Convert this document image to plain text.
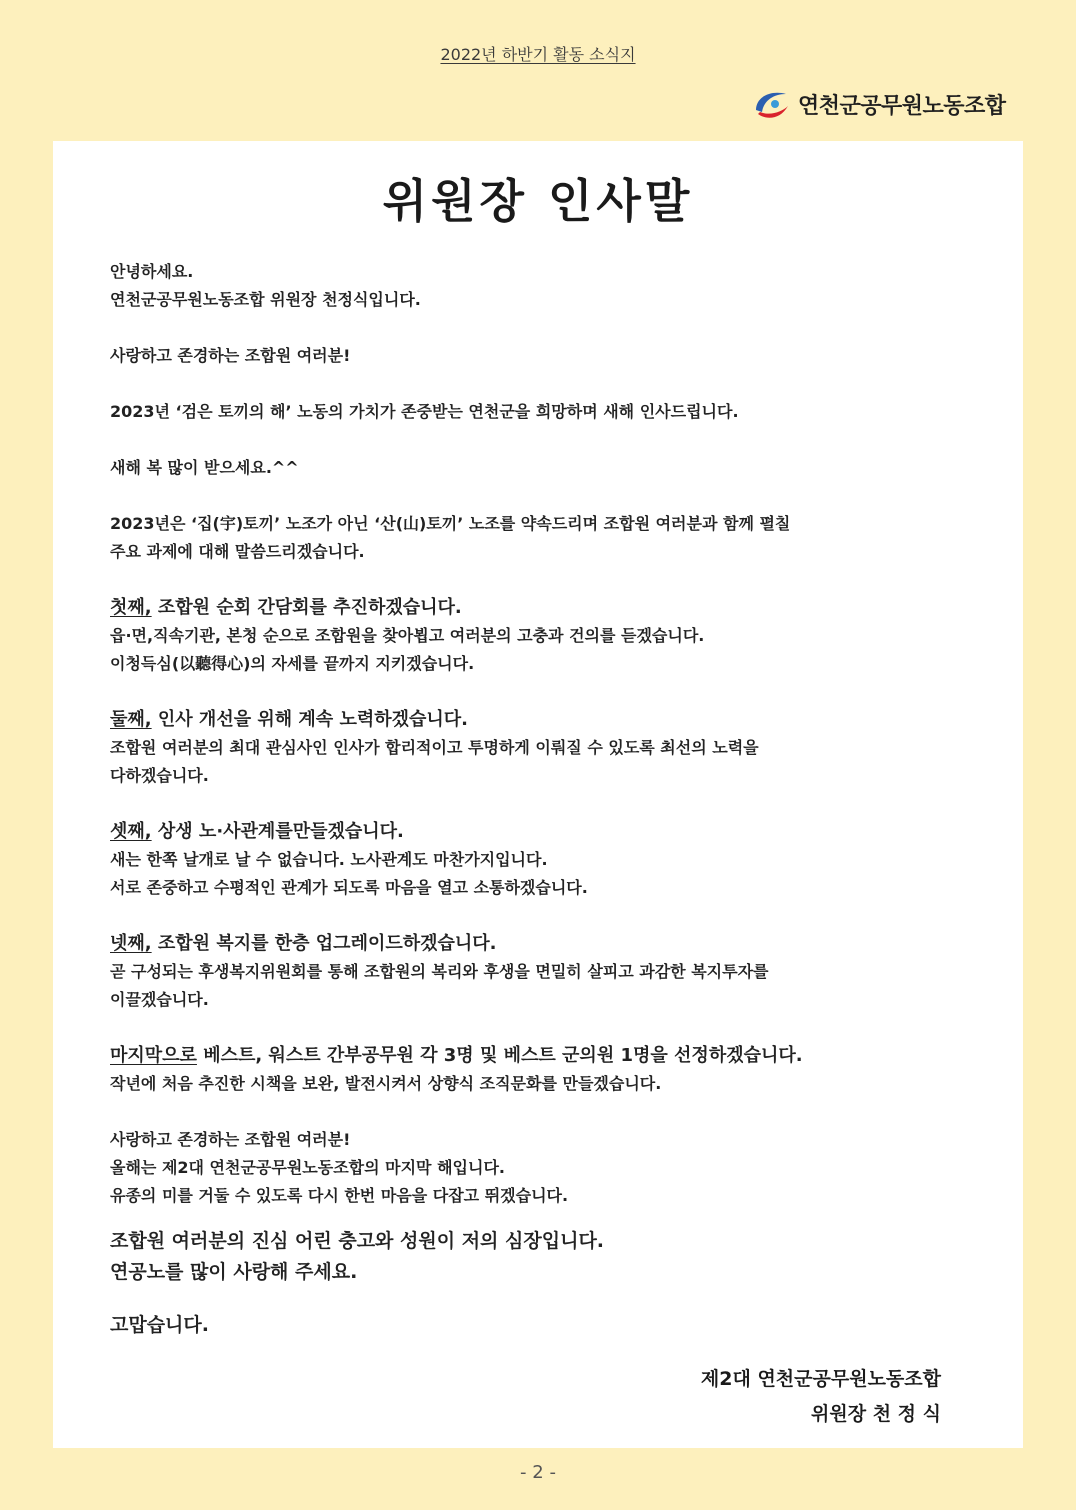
2022년 하반기 활동 소식지
연천군공무원노동조합
위원장 인사말

안녕하세요.

연천군공무원노동조합 위원장 천정식입니다.

사랑하고 존경하는 조합원 여러분!

2023년 ‘검은 토끼의 해’ 노동의 가치가 존중받는 연천군을 희망하며 새해 인사드립니다.

새해 복 많이 받으세요.^^

2023년은 ‘집(宇)토끼’ 노조가 아닌 ‘산(山)토끼’ 노조를 약속드리며 조합원 여러분과 함께 펼칠

주요 과제에 대해 말씀드리겠습니다.

첫째, 조합원 순회 간담회를 추진하겠습니다.

읍·면,직속기관, 본청 순으로 조합원을 찾아뵙고 여러분의 고충과 건의를 듣겠습니다.

이청득심(以聽得心)의 자세를 끝까지 지키겠습니다.

둘째, 인사 개선을 위해 계속 노력하겠습니다.

조합원 여러분의 최대 관심사인 인사가 합리적이고 투명하게 이뤄질 수 있도록 최선의 노력을

다하겠습니다.

셋째, 상생 노·사관계를만들겠습니다.

새는 한쪽 날개로 날 수 없습니다. 노사관계도 마찬가지입니다.

서로 존중하고 수평적인 관계가 되도록 마음을 열고 소통하겠습니다.

넷째, 조합원 복지를 한층 업그레이드하겠습니다.

곧 구성되는 후생복지위원회를 통해 조합원의 복리와 후생을 면밀히 살피고 과감한 복지투자를

이끌겠습니다.

마지막으로 베스트, 워스트 간부공무원 각 3명 및 베스트 군의원 1명을 선정하겠습니다.

작년에 처음 추진한 시책을 보완, 발전시켜서 상향식 조직문화를 만들겠습니다.

사랑하고 존경하는 조합원 여러분!

올해는 제2대 연천군공무원노동조합의 마지막 해입니다.

유종의 미를 거둘 수 있도록 다시 한번 마음을 다잡고 뛰겠습니다.

조합원 여러분의 진심 어린 충고와 성원이 저의 심장입니다.

연공노를 많이 사랑해 주세요.

고맙습니다.

제2대 연천군공무원노동조합
위원장 천 정 식
- 2 -
